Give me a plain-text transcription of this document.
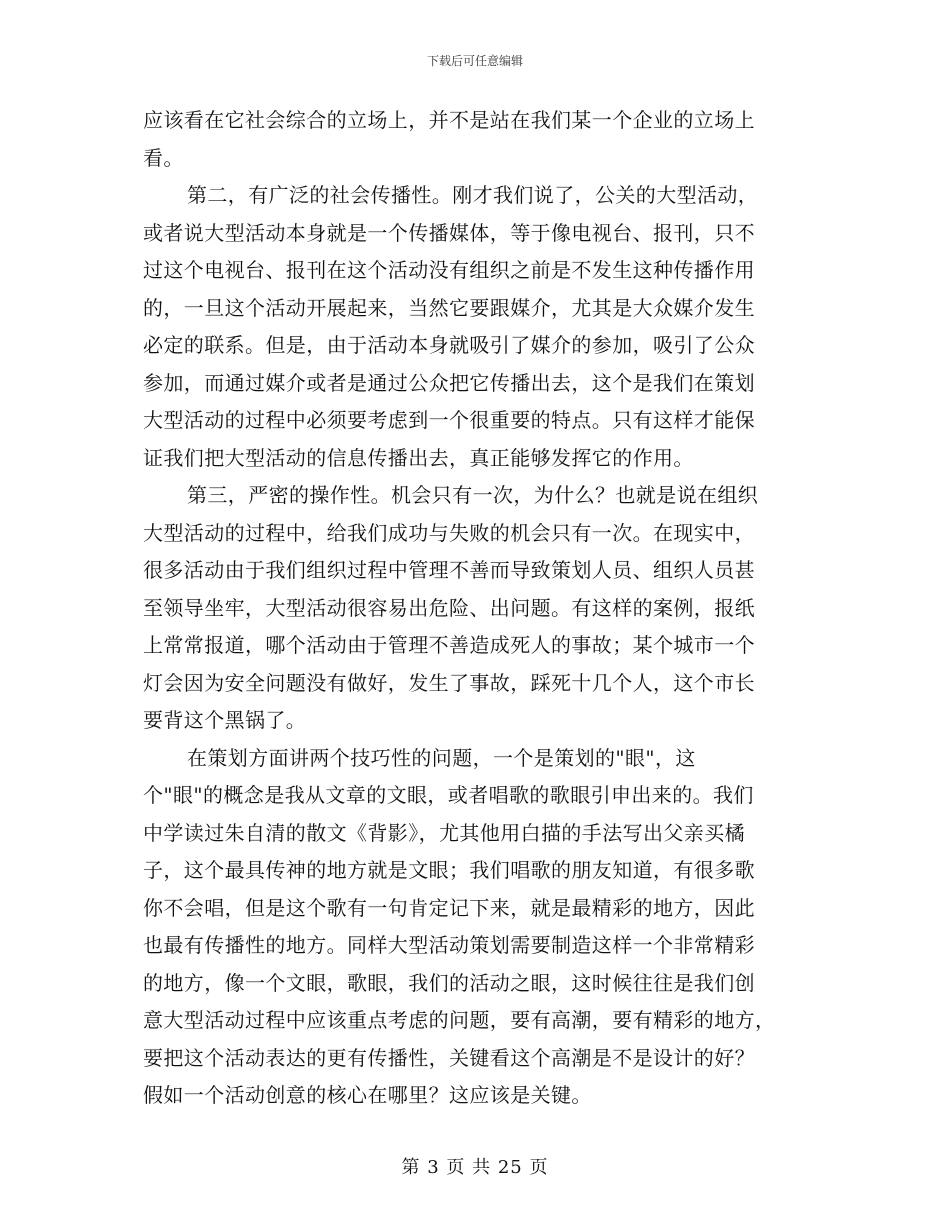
下载后可任意编辑
应该看在它社会综合的立场上，并不是站在我们某一个企业的立场上
看。
第二，有广泛的社会传播性。刚才我们说了，公关的大型活动，
或者说大型活动本身就是一个传播媒体，等于像电视台、报刊，只不
过这个电视台、报刊在这个活动没有组织之前是不发生这种传播作用
的，一旦这个活动开展起来，当然它要跟媒介，尤其是大众媒介发生
必定的联系。但是，由于活动本身就吸引了媒介的参加，吸引了公众
参加，而通过媒介或者是通过公众把它传播出去，这个是我们在策划
大型活动的过程中必须要考虑到一个很重要的特点。只有这样才能保
证我们把大型活动的信息传播出去，真正能够发挥它的作用。
第三，严密的操作性。机会只有一次，为什么？也就是说在组织
大型活动的过程中，给我们成功与失败的机会只有一次。在现实中，
很多活动由于我们组织过程中管理不善而导致策划人员、组织人员甚
至领导坐牢，大型活动很容易出危险、出问题。有这样的案例，报纸
上常常报道，哪个活动由于管理不善造成死人的事故；某个城市一个
灯会因为安全问题没有做好，发生了事故，踩死十几个人，这个市长
要背这个黑锅了。
在策划方面讲两个技巧性的问题，一个是策划的"眼"，这
个"眼"的概念是我从文章的文眼，或者唱歌的歌眼引申出来的。我们
中学读过朱自清的散文《背影》，尤其他用白描的手法写出父亲买橘
子，这个最具传神的地方就是文眼；我们唱歌的朋友知道，有很多歌
你不会唱，但是这个歌有一句肯定记下来，就是最精彩的地方，因此
也最有传播性的地方。同样大型活动策划需要制造这样一个非常精彩
的地方，像一个文眼，歌眼，我们的活动之眼，这时候往往是我们创
意大型活动过程中应该重点考虑的问题，要有高潮，要有精彩的地方，
要把这个活动表达的更有传播性，关键看这个高潮是不是设计的好？
假如一个活动创意的核心在哪里？这应该是关键。
第 3 页 共 25 页
